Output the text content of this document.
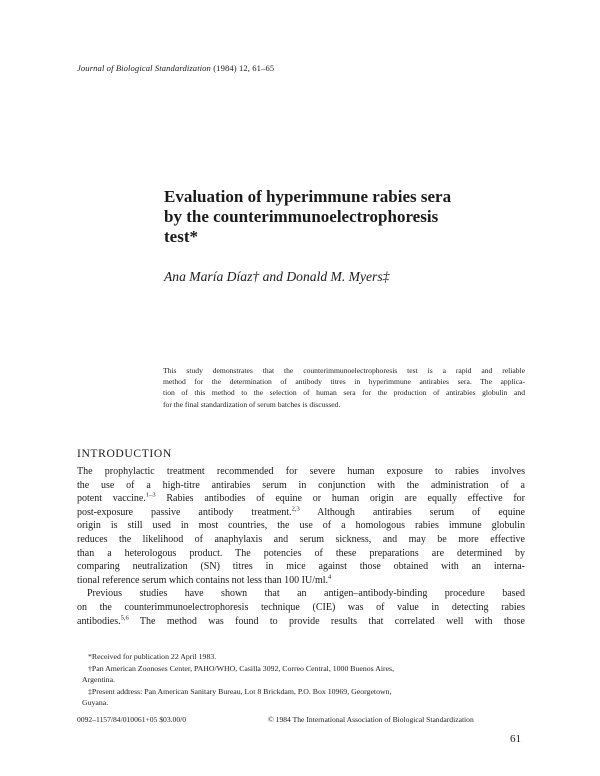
Journal of Biological Standardization (1984) 12, 61–65
Evaluation of hyperimmune rabies sera
by the counterimmunoelectrophoresis
test*
Ana María Díaz† and Donald M. Myers‡
This study demonstrates that the counterimmunoelectrophoresis test is a rapid and reliable
method for the determination of antibody titres in hyperimmune antirabies sera. The applica-
tion of this method to the selection of human sera for the production of antirabies globulin and
for the final standardization of serum batches is discussed.
INTRODUCTION
The prophylactic treatment recommended for severe human exposure to rabies involves
the use of a high-titre antirabies serum in conjunction with the administration of a
potent vaccine.$^{1-3}$ Rabies antibodies of equine or human origin are equally effective for
post-exposure passive antibody treatment.$^{2,3}$ Although antirabies serum of equine
origin is still used in most countries, the use of a homologous rabies immune globulin
reduces the likelihood of anaphylaxis and serum sickness, and may be more effective
than a heterologous product. The potencies of these preparations are determined by
comparing neutralization (SN) titres in mice against those obtained with an interna-
tional reference serum which contains not less than 100 IU/ml.$^4$
Previous studies have shown that an antigen–antibody-binding procedure based
on the counterimmunoelectrophoresis technique (CIE) was of value in detecting rabies
antibodies.$^{5,6}$ The method was found to provide results that correlated well with those
*Received for publication 22 April 1983.
†Pan American Zoonoses Center, PAHO/WHO, Casilla 3092, Correo Central, 1000 Buenos Aires,
Argentina.
‡Present address: Pan American Sanitary Bureau, Lot 8 Brickdam, P.O. Box 10969, Georgetown,
Guyana.
0092–1157/84/010061+05 $03.00/0	© 1984 The International Association of Biological Standardization
61
